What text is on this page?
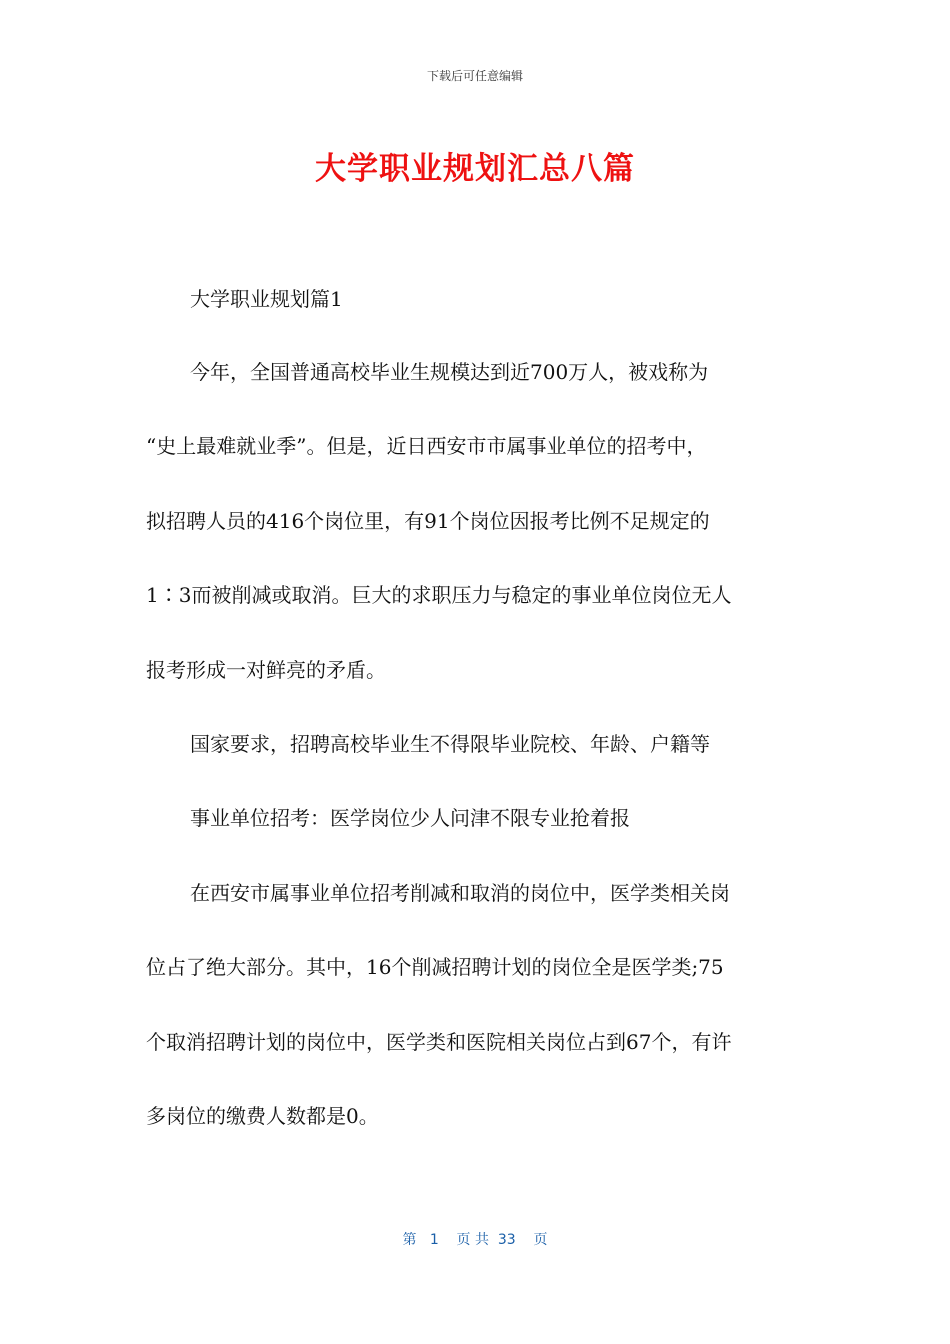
下载后可任意编辑
大学职业规划汇总八篇
大学职业规划篇1
今年，全国普通高校毕业生规模达到近700万人，被戏称为
“史上最难就业季”。但是，近日西安市市属事业单位的招考中，
拟招聘人员的416个岗位里，有91个岗位因报考比例不足规定的
1∶3而被削减或取消。巨大的求职压力与稳定的事业单位岗位无人
报考形成一对鲜亮的矛盾。
国家要求，招聘高校毕业生不得限毕业院校、年龄、户籍等
事业单位招考：医学岗位少人问津不限专业抢着报
在西安市属事业单位招考削减和取消的岗位中，医学类相关岗
位占了绝大部分。其中，16个削减招聘计划的岗位全是医学类;75
个取消招聘计划的岗位中，医学类和医院相关岗位占到67个，有许
多岗位的缴费人数都是0。
第   1    页 共  33    页
